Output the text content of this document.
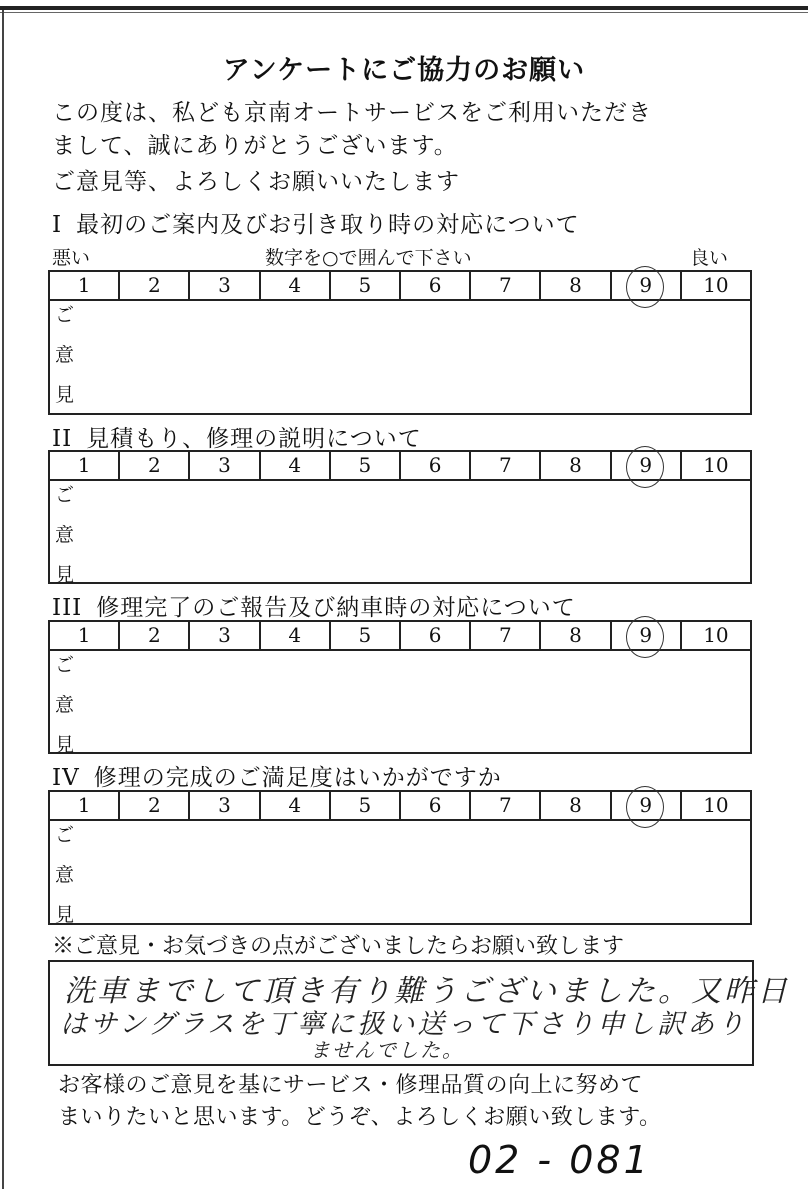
アンケートにご協力のお願い
この度は、私ども京南オートサービスをご利用いただき
まして、誠にありがとうございます。
ご意見等、よろしくお願いいたします
I 最初のご案内及びお引き取り時の対応について
悪い	数字を○で囲んで下さい	良い
1	2	3	4	5	6	7	8	9	10
ご
意
見
II 見積もり、修理の説明について
1	2	3	4	5	6	7	8	9	10
ご
意
見
III 修理完了のご報告及び納車時の対応について
1	2	3	4	5	6	7	8	9	10
ご
意
見
IV 修理の完成のご満足度はいかがですか
1	2	3	4	5	6	7	8	9	10
ご
意
見
※ご意見・お気づきの点がございましたらお願い致します
洗車までして頂き有り難うございました。又昨日
はサングラスを丁寧に扱い送って下さり申し訳あり
ませんでした。
お客様のご意見を基にサービス・修理品質の向上に努めて
まいりたいと思います。どうぞ、よろしくお願い致します。
02 - 081
